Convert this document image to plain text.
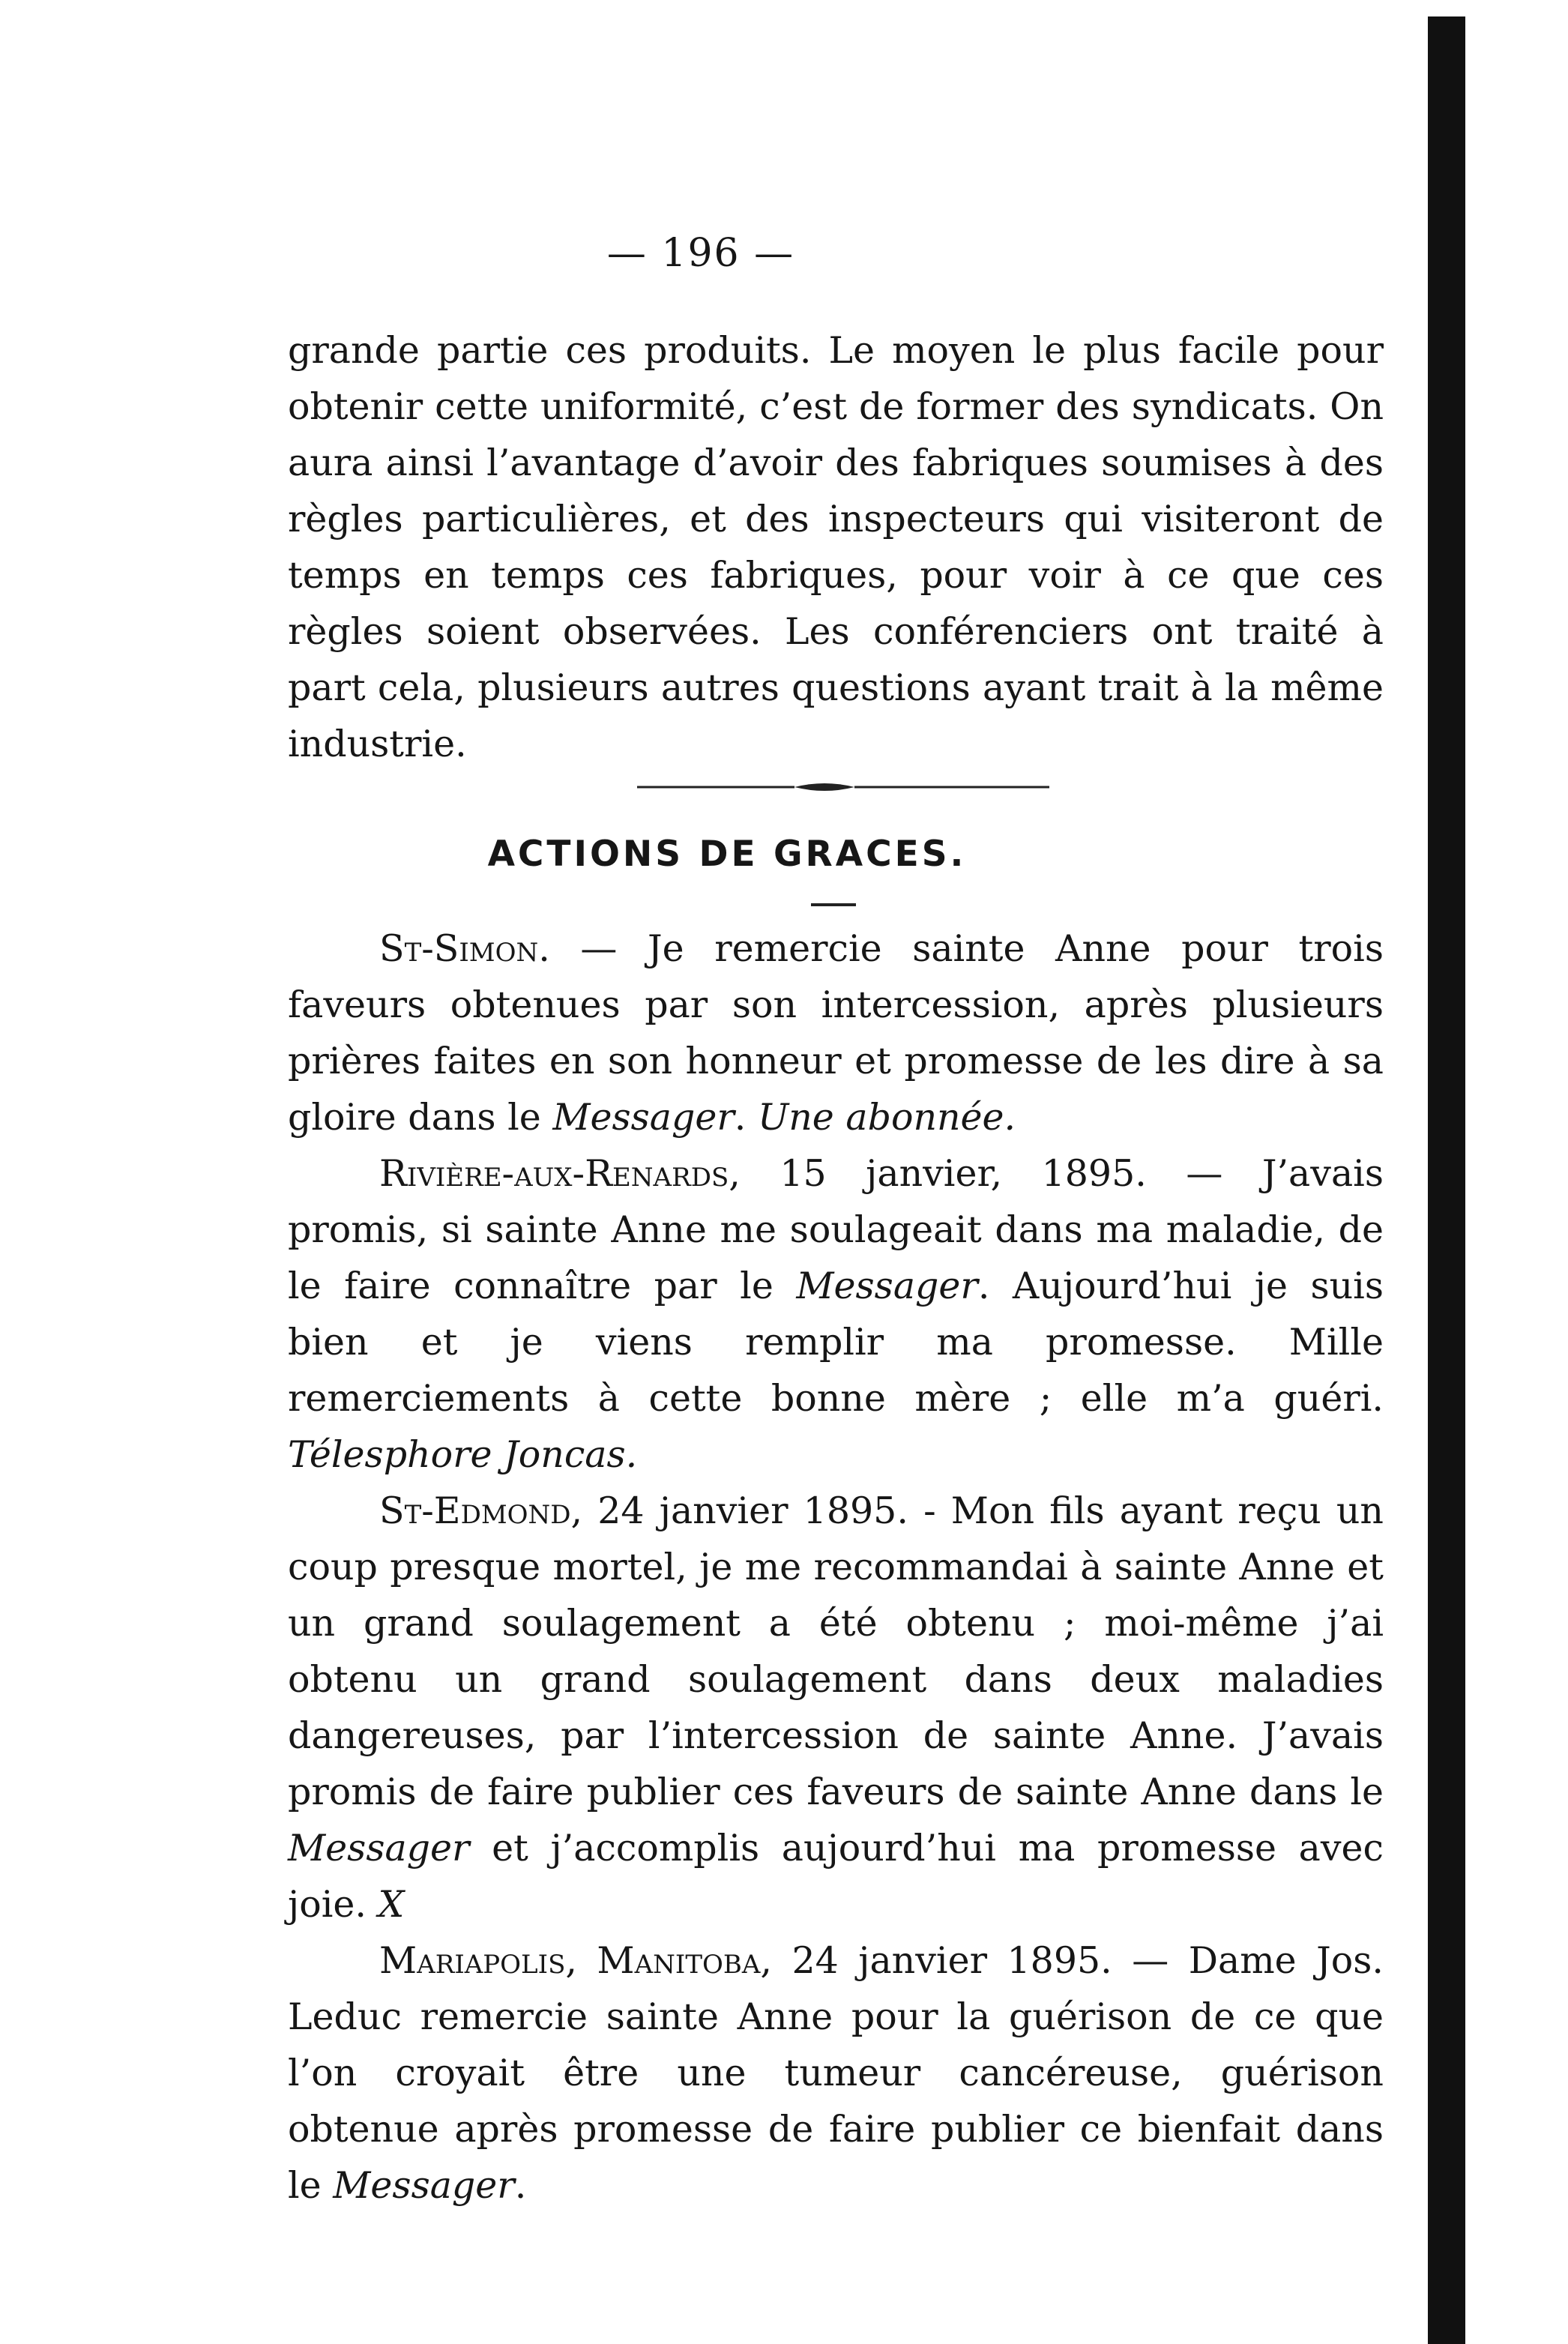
— 196 —

grande partie ces produits. Le moyen le plus facile pour obtenir cette uniformité, c’est de former des syndicats. On aura ainsi l’avantage d’avoir des fabriques soumises à des règles particulières, et des inspecteurs qui visiteront de temps en temps ces fabriques, pour voir à ce que ces règles soient observées. Les conférenciers ont traité à part cela, plusieurs autres questions ayant trait à la même industrie.

ACTIONS DE GRACES.

St-Simon. — Je remercie sainte Anne pour trois faveurs obtenues par son intercession, après plusieurs prières faites en son honneur et promesse de les dire à sa gloire dans le Messager. Une abonnée.

Rivière-aux-Renards, 15 janvier, 1895. — J’avais promis, si sainte Anne me soulageait dans ma maladie, de le faire connaître par le Messager. Aujourd’hui je suis bien et je viens remplir ma promesse. Mille remerciements à cette bonne mère ; elle m’a guéri. Télesphore Joncas.

St-Edmond, 24 janvier 1895. - Mon fils ayant reçu un coup presque mortel, je me recommandai à sainte Anne et un grand soulagement a été obtenu ; moi-même j’ai obtenu un grand soulagement dans deux maladies dangereuses, par l’intercession de sainte Anne. J’avais promis de faire publier ces faveurs de sainte Anne dans le Messager et j’accomplis aujourd’hui ma promesse avec joie. X

Mariapolis, Manitoba, 24 janvier 1895. — Dame Jos. Leduc remercie sainte Anne pour la guérison de ce que l’on croyait être une tumeur cancéreuse, guérison obtenue après promesse de faire publier ce bienfait dans le Messager.
